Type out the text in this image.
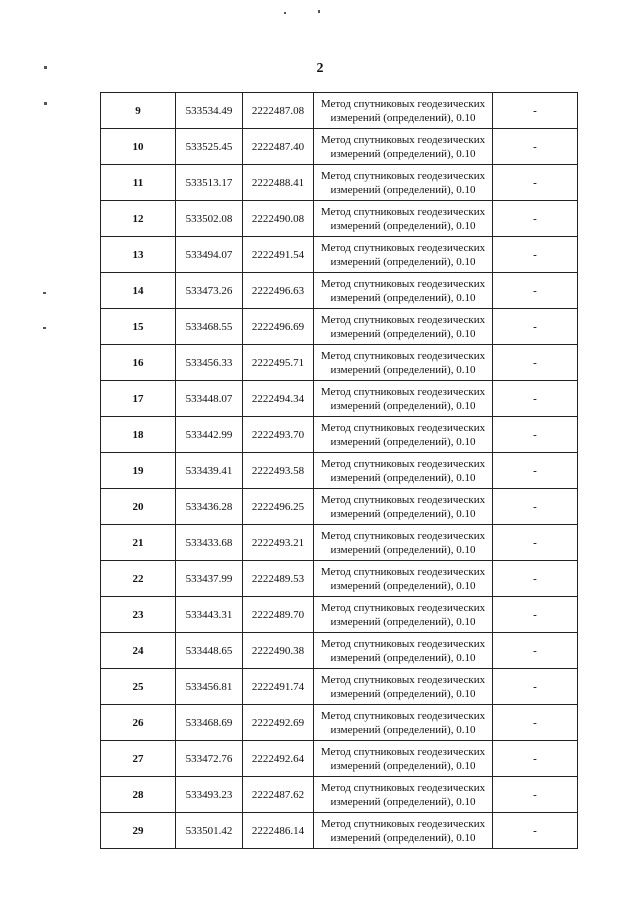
2
9	533534.49	2222487.08	Метод спутниковых геодезических измерений (определений), 0.10	-
10	533525.45	2222487.40	Метод спутниковых геодезических измерений (определений), 0.10	-
11	533513.17	2222488.41	Метод спутниковых геодезических измерений (определений), 0.10	-
12	533502.08	2222490.08	Метод спутниковых геодезических измерений (определений), 0.10	-
13	533494.07	2222491.54	Метод спутниковых геодезических измерений (определений), 0.10	-
14	533473.26	2222496.63	Метод спутниковых геодезических измерений (определений), 0.10	-
15	533468.55	2222496.69	Метод спутниковых геодезических измерений (определений), 0.10	-
16	533456.33	2222495.71	Метод спутниковых геодезических измерений (определений), 0.10	-
17	533448.07	2222494.34	Метод спутниковых геодезических измерений (определений), 0.10	-
18	533442.99	2222493.70	Метод спутниковых геодезических измерений (определений), 0.10	-
19	533439.41	2222493.58	Метод спутниковых геодезических измерений (определений), 0.10	-
20	533436.28	2222496.25	Метод спутниковых геодезических измерений (определений), 0.10	-
21	533433.68	2222493.21	Метод спутниковых геодезических измерений (определений), 0.10	-
22	533437.99	2222489.53	Метод спутниковых геодезических измерений (определений), 0.10	-
23	533443.31	2222489.70	Метод спутниковых геодезических измерений (определений), 0.10	-
24	533448.65	2222490.38	Метод спутниковых геодезических измерений (определений), 0.10	-
25	533456.81	2222491.74	Метод спутниковых геодезических измерений (определений), 0.10	-
26	533468.69	2222492.69	Метод спутниковых геодезических измерений (определений), 0.10	-
27	533472.76	2222492.64	Метод спутниковых геодезических измерений (определений), 0.10	-
28	533493.23	2222487.62	Метод спутниковых геодезических измерений (определений), 0.10	-
29	533501.42	2222486.14	Метод спутниковых геодезических измерений (определений), 0.10	-
